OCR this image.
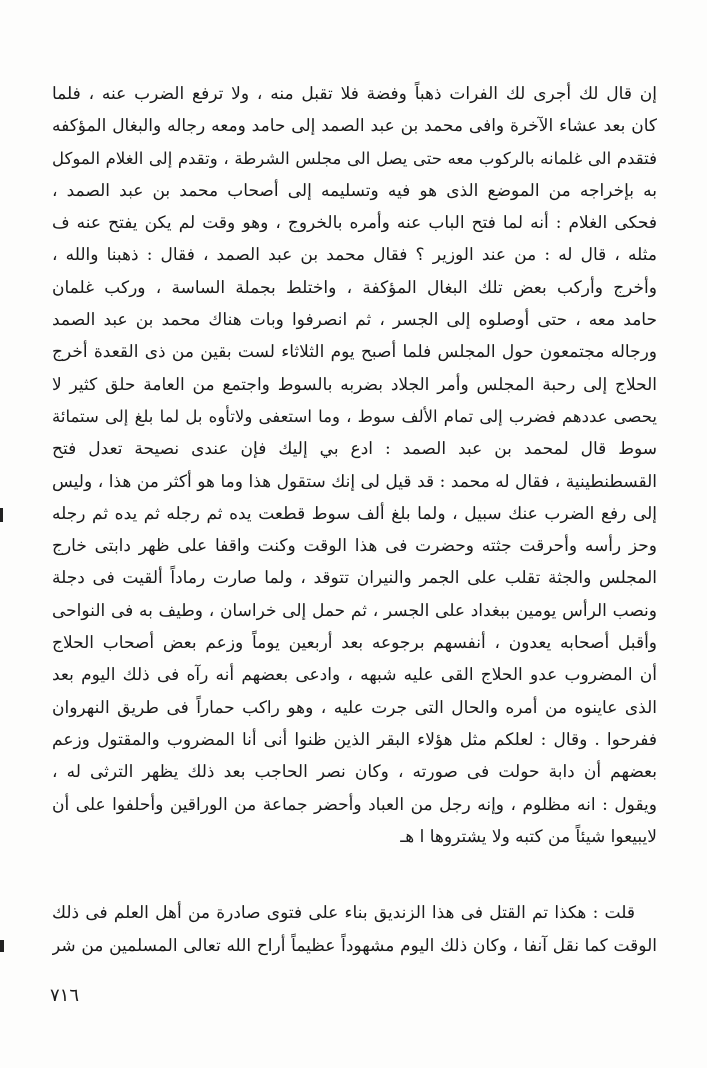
إن قال لك أجرى لك الفرات ذهباً وفضة فلا تقبل منه ، ولا ترفع الضرب عنه ، فلما
كان بعد عشاء الآخرة وافى محمد بن عبد الصمد إلى حامد ومعه رجاله والبغال المؤكفه
فتقدم الى غلمانه بالركوب معه حتى يصل الى مجلس الشرطة ، وتقدم إلى الغلام الموكل
به بإخراجه من الموضع الذى هو فيه وتسليمه إلى أصحاب محمد بن عبد الصمد ،
فحكى الغلام : أنه لما فتح الباب عنه وأمره بالخروج ، وهو وقت لم يكن يفتح عنه ف
مثله ، قال له : من عند الوزير ؟ فقال محمد بن عبد الصمد ، فقال : ذهبنا والله ،
وأخرج وأركب بعض تلك البغال المؤكفة ، واختلط بجملة الساسة ، وركب غلمان
حامد معه ، حتى أوصلوه إلى الجسر ، ثم انصرفوا وبات هناك محمد بن عبد الصمد
ورجاله مجتمعون حول المجلس فلما أصبح يوم الثلاثاء لست بقين من ذى القعدة أخرج
الحلاج إلى رحبة المجلس وأمر الجلاد بضربه بالسوط واجتمع من العامة حلق كثير لا
يحصى عددهم فضرب إلى تمام الألف سوط ، وما استعفى ولاتأوه بل لما بلغ إلى ستمائة
سوط قال لمحمد بن عبد الصمد : ادع بي إليك فإن عندى نصيحة تعدل فتح
القسطنطينية ، فقال له محمد : قد قيل لى إنك ستقول هذا وما هو أكثر من هذا ، وليس
إلى رفع الضرب عنك سبيل ، ولما بلغ ألف سوط قطعت يده ثم رجله ثم يده ثم رجله
وحز رأسه وأحرقت جثته وحضرت فى هذا الوقت وكنت واقفا على ظهر دابتى خارج
المجلس والجثة تقلب على الجمر والنيران تتوقد ، ولما صارت رماداً ألقيت فى دجلة
ونصب الرأس يومين ببغداد على الجسر ، ثم حمل إلى خراسان ، وطيف به فى النواحى
وأقبل أصحابه يعدون ، أنفسهم برجوعه بعد أربعين يوماً وزعم بعض أصحاب الحلاج
أن المضروب عدو الحلاج القى عليه شبهه ، وادعى بعضهم أنه رآه فى ذلك اليوم بعد
الذى عاينوه من أمره والحال التى جرت عليه ، وهو راكب حماراً فى طريق النهروان
ففرحوا . وقال : لعلكم مثل هؤلاء البقر الذين ظنوا أنى أنا المضروب والمقتول وزعم
بعضهم أن دابة حولت فى صورته ، وكان نصر الحاجب بعد ذلك يظهر الترثى له ،
ويقول : انه مظلوم ، وإنه رجل من العباد وأحضر جماعة من الوراقين وأحلفوا على أن
لايبيعوا شيئاً من كتبه ولا يشتروها ا هـ
قلت : هكذا تم القتل فى هذا الزنديق بناء على فتوى صادرة من أهل العلم فى ذلك
الوقت كما نقل آنفا ، وكان ذلك اليوم مشهوداً عظيماً أراح الله تعالى المسلمين من شر
٧١٦
